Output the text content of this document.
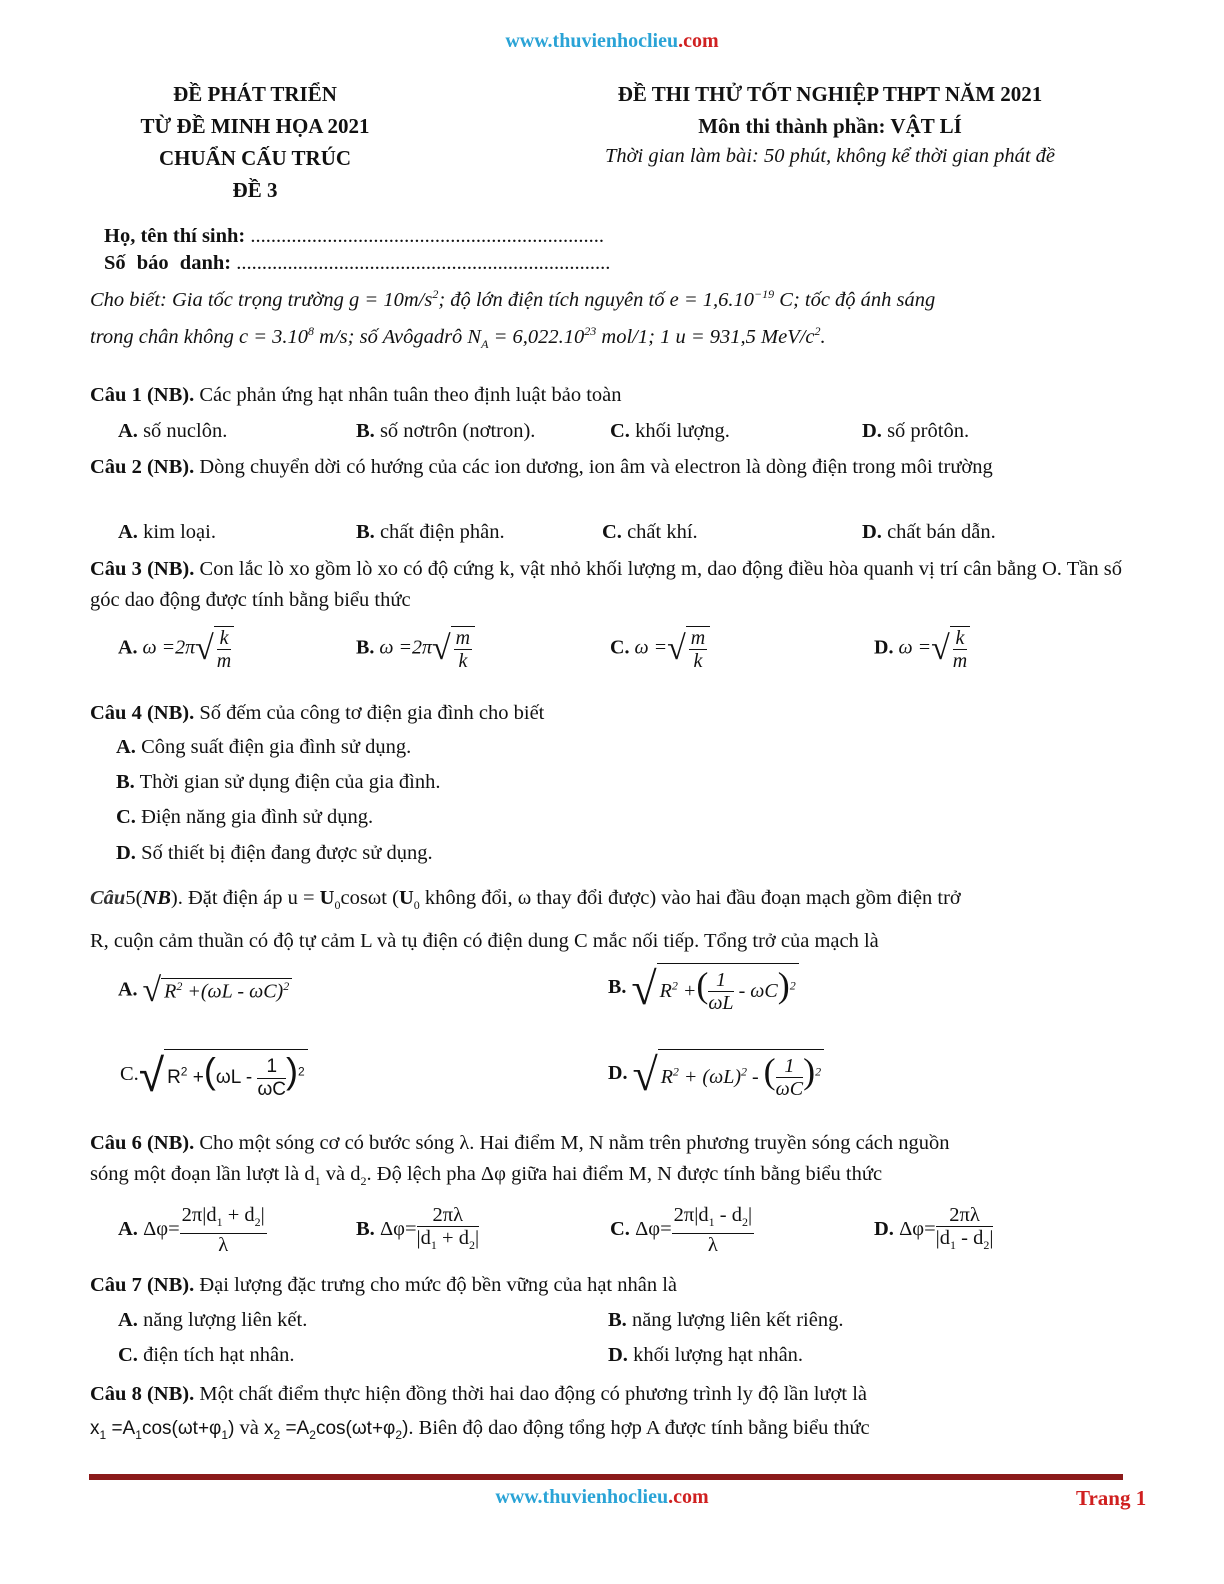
www.thuvienhoclieu.com
ĐỀ PHÁT TRIỂN
TỪ ĐỀ MINH HỌA 2021
CHUẨN CẤU TRÚC
ĐỀ 3
ĐỀ THI THỬ TỐT NGHIỆP THPT NĂM 2021
Môn thi thành phần: VẬT LÍ
Thời gian làm bài: 50 phút, không kể thời gian phát đề
Họ, tên thí sinh: .....................................................................
Số báo danh: .........................................................................
Cho biết: Gia tốc trọng trường $g = 10m/s^2$; độ lớn điện tích nguyên tố $e = 1,6.10^{-19}$ C; tốc độ ánh sáng
trong chân không $c = 3.10^8$ m/s; số Avôgadrô $N_A = 6,022.10^{23}$ mol/1; 1 u = 931,5 MeV/$c^2$.
Câu 1 (NB). Các phản ứng hạt nhân tuân theo định luật bảo toàn
A. số nuclôn.	B. số nơtrôn (nơtron).	C. khối lượng.	D. số prôtôn.
Câu 2 (NB). Dòng chuyển dời có hướng của các ion dương, ion âm và electron là dòng điện trong môi trường
A. kim loại.	B. chất điện phân.	C. chất khí.	D. chất bán dẫn.
Câu 3 (NB). Con lắc lò xo gồm lò xo có độ cứng k, vật nhỏ khối lượng m, dao động điều hòa quanh vị trí cân bằng O. Tần số góc dao động được tính bằng biểu thức
A. $\omega =2\pi√ \frac{k}{m}$	B. $\omega =2\pi√ \frac{m}{k}$	C. ω =√ $\frac{m}{k}$	D. ω =√ $\frac{k}{m}$
Câu 4 (NB). Số đếm của công tơ điện gia đình cho biết
A. Công suất điện gia đình sử dụng.
B. Thời gian sử dụng điện của gia đình.
C. Điện năng gia đình sử dụng.
D. Số thiết bị điện đang được sử dụng.
Câu5(NB). Đặt điện áp $u = U_0\cos\omega t$ ($U_0$ không đổi, ω thay đổi được) vào hai đầu đoạn mạch gồm điện trở
R, cuộn cảm thuần có độ tự cảm L và tụ điện có điện dung C mắc nối tiếp. Tổng trở của mạch là
A. √ $R^2 +(\omega L - \omega C)^2$	B. √ $R^2$ +( $\frac{1}{\omega L} - \omega C)^2$
C.√ $R^2 +(\omega L - \frac{1}{\omega C} )^2$	D. √ $R^2 + (\omega L)^2$ - ( $\frac{1}{\omega C} )^2$
Câu 6 (NB). Cho một sóng cơ có bước sóng λ. Hai điểm M, N nằm trên phương truyền sóng cách nguồn
sóng một đoạn lần lượt là $d_1$ và $d_2$. Độ lệch pha Δφ giữa hai điểm M, N được tính bằng biểu thức
A. $\Delta\varphi= \frac{2\pi|d_1 + d_2|}{\lambda}$	B. $\Delta\varphi= \frac{2\pi\lambda}{|d_1 + d_2|}$	C. $\Delta\varphi= \frac{2\pi|d_1 - d_2|}{\lambda}$	D. $\Delta\varphi= \frac{2\pi\lambda}{|d_1 - d_2|}$
Câu 7 (NB). Đại lượng đặc trưng cho mức độ bền vững của hạt nhân là
A. năng lượng liên kết.	B. năng lượng liên kết riêng.
C. điện tích hạt nhân.	D. khối lượng hạt nhân.
Câu 8 (NB). Một chất điểm thực hiện đồng thời hai dao động có phương trình ly độ lần lượt là
$x_1 =A_1\cos(\omega t+\varphi_1)$ và $x_2 =A_2\cos(\omega t+\varphi_2)$. Biên độ dao động tổng hợp A được tính bằng biểu thức
www.thuvienhoclieu.com	Trang 1
